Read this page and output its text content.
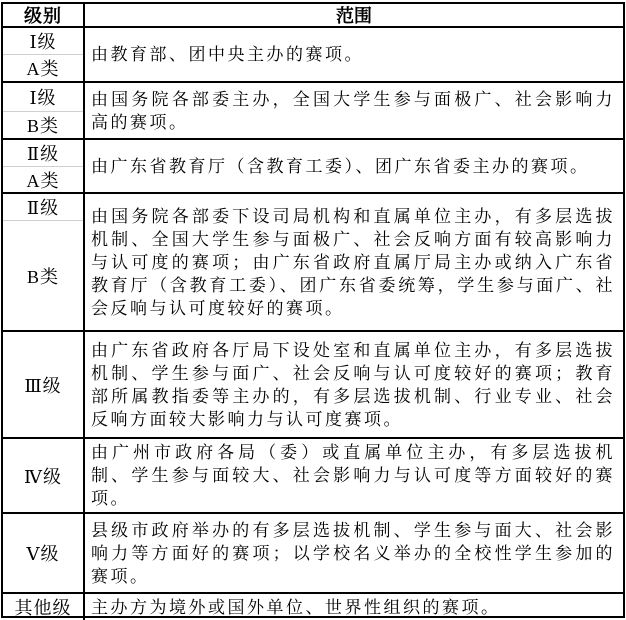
级别	范围
Ⅰ级
A类
由教育部、团中央主办的赛项。
Ⅰ级
B类
由国务院各部委主办，全国大学生参与面极广、社会影响力高的赛项。
Ⅱ级
A类
由广东省教育厅（含教育工委）、团广东省委主办的赛项。
Ⅱ级
B类
由国务院各部委下设司局机构和直属单位主办，有多层选拔机制、全国大学生参与面极广、社会反响方面有较高影响力与认可度的赛项；由广东省政府直属厅局主办或纳入广东省教育厅（含教育工委）、团广东省委统筹，学生参与面广、社会反响与认可度较好的赛项。
Ⅲ级
由广东省政府各厅局下设处室和直属单位主办，有多层选拔机制、学生参与面广、社会反响与认可度较好的赛项；教育部所属教指委等主办的，有多层选拔机制、行业专业、社会反响方面较大影响力与认可度赛项。
Ⅳ级
由广州市政府各局（委）或直属单位主办，有多层选拔机制、学生参与面较大、社会影响力与认可度等方面较好的赛项。
Ⅴ级
县级市政府举办的有多层选拔机制、学生参与面大、社会影响力等方面好的赛项；以学校名义举办的全校性学生参加的赛项。
其他级	主办方为境外或国外单位、世界性组织的赛项。
